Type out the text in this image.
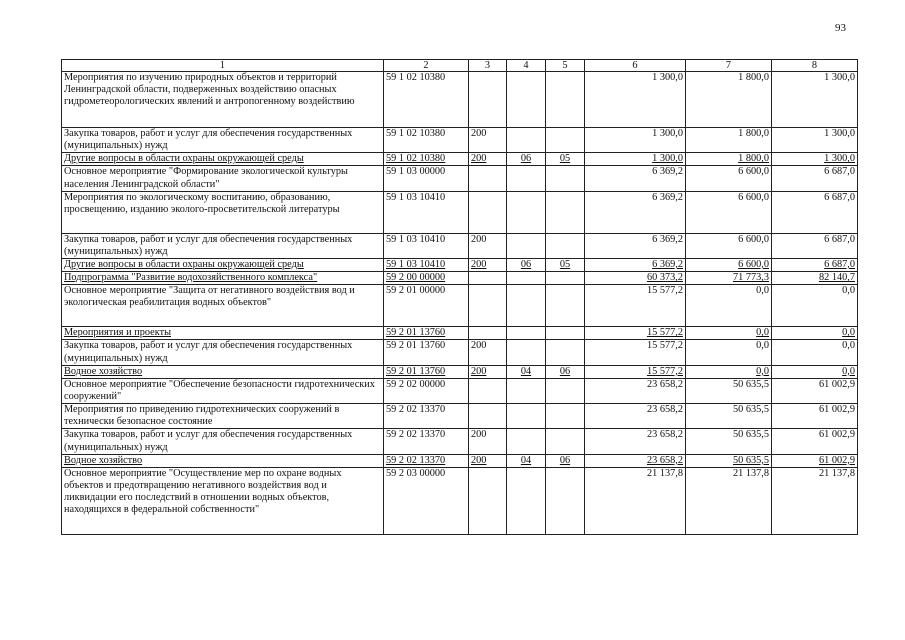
93
1	2	3	4	5	6	7	8
Мероприятия по изучению природных объектов и территорий Ленинградской области, подверженных воздействию опасных гидрометеорологических явлений и антропогенному воздействию	59 1 02 10380				1 300,0	1 800,0	1 300,0
Закупка товаров, работ и услуг для обеспечения государственных (муниципальных) нужд	59 1 02 10380	200			1 300,0	1 800,0	1 300,0
Другие вопросы в области охраны окружающей среды	59 1 02 10380	200	06	05	1 300,0	1 800,0	1 300,0
Основное мероприятие "Формирование экологической культуры населения Ленинградской области"	59 1 03 00000				6 369,2	6 600,0	6 687,0
Мероприятия по экологическому воспитанию, образованию, просвещению, изданию эколого-просветительской литературы	59 1 03 10410				6 369,2	6 600,0	6 687,0
Закупка товаров, работ и услуг для обеспечения государственных (муниципальных) нужд	59 1 03 10410	200			6 369,2	6 600,0	6 687,0
Другие вопросы в области охраны окружающей среды	59 1 03 10410	200	06	05	6 369,2	6 600,0	6 687,0
Подпрограмма "Развитие водохозяйственного комплекса"	59 2 00 00000				60 373,2	71 773,3	82 140,7
Основное мероприятие "Защита от негативного воздействия вод и экологическая реабилитация водных объектов"	59 2 01 00000				15 577,2	0,0	0,0
Мероприятия и проекты	59 2 01 13760				15 577,2	0,0	0,0
Закупка товаров, работ и услуг для обеспечения государственных (муниципальных) нужд	59 2 01 13760	200			15 577,2	0,0	0,0
Водное хозяйство	59 2 01 13760	200	04	06	15 577,2	0,0	0,0
Основное мероприятие "Обеспечение безопасности гидротехнических сооружений"	59 2 02 00000				23 658,2	50 635,5	61 002,9
Мероприятия по приведению гидротехнических сооружений в технически безопасное состояние	59 2 02 13370				23 658,2	50 635,5	61 002,9
Закупка товаров, работ и услуг для обеспечения государственных (муниципальных) нужд	59 2 02 13370	200			23 658,2	50 635,5	61 002,9
Водное хозяйство	59 2 02 13370	200	04	06	23 658,2	50 635,5	61 002,9
Основное мероприятие "Осуществление мер по охране водных объектов и предотвращению негативного воздействия вод и ликвидации его последствий в отношении водных объектов, находящихся в федеральной собственности"	59 2 03 00000				21 137,8	21 137,8	21 137,8
